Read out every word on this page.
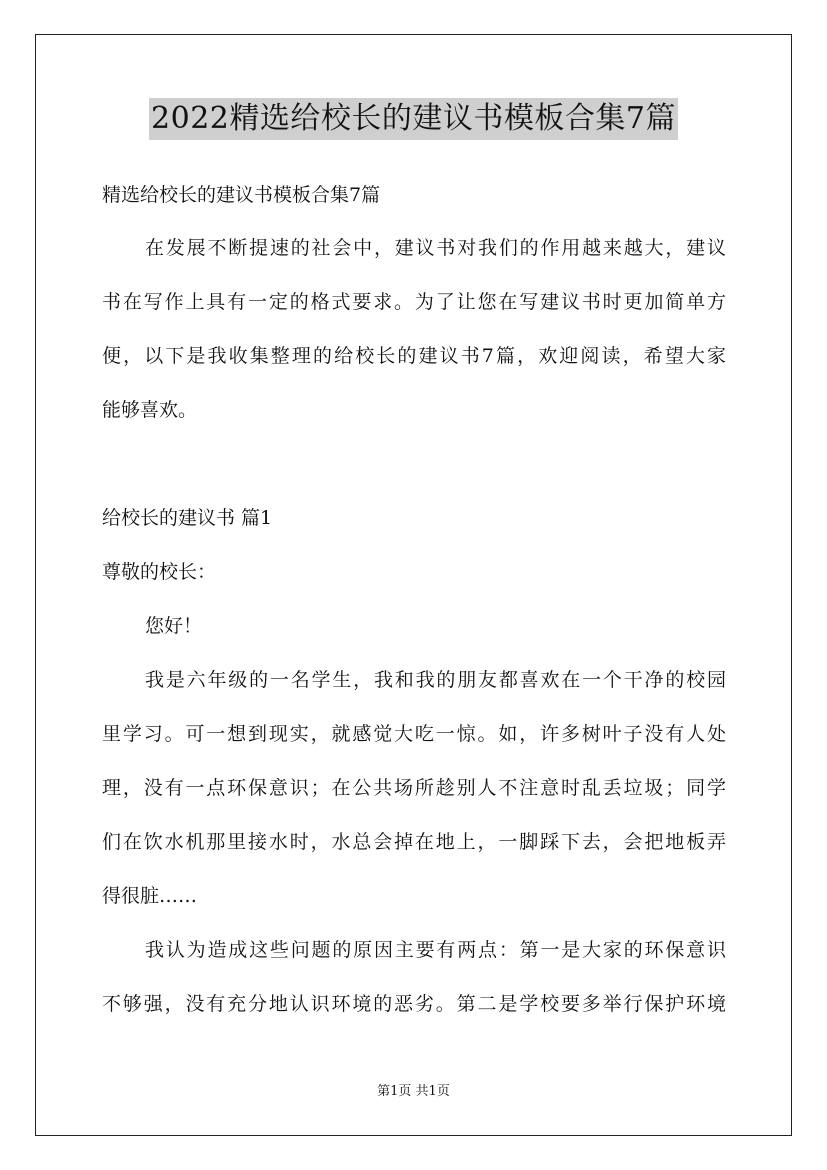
2022精选给校长的建议书模板合集7篇
精选给校长的建议书模板合集7篇
在发展不断提速的社会中，建议书对我们的作用越来越大，建议
书在写作上具有一定的格式要求。为了让您在写建议书时更加简单方
便，以下是我收集整理的给校长的建议书7篇，欢迎阅读，希望大家
能够喜欢。
给校长的建议书 篇1
尊敬的校长：
您好！
我是六年级的一名学生，我和我的朋友都喜欢在一个干净的校园
里学习。可一想到现实，就感觉大吃一惊。如，许多树叶子没有人处
理，没有一点环保意识；在公共场所趁别人不注意时乱丢垃圾；同学
们在饮水机那里接水时，水总会掉在地上，一脚踩下去，会把地板弄
得很脏……
我认为造成这些问题的原因主要有两点：第一是大家的环保意识
不够强，没有充分地认识环境的恶劣。第二是学校要多举行保护环境
第1页 共1页
